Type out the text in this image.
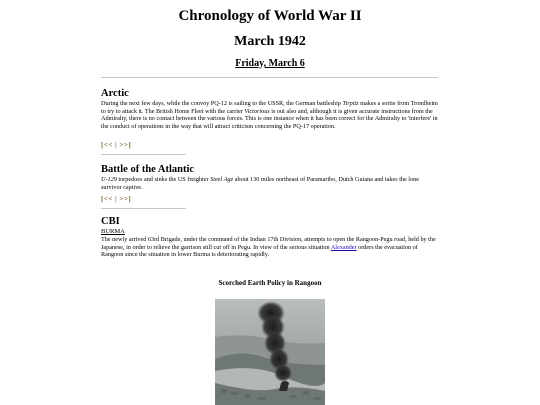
Chronology of World War II
March 1942
Friday, March 6
Arctic

During the next few days, while the convoy PQ-12 is sailing to the USSR, the German battleship Tirpitz makes a sortie from Trondheim to try to attack it. The British Home Fleet with the carrier Victorious is out also and, although it is given accurate instructions from the Admiralty, there is no contact between the various forces. This is one instance when it has been correct for the Admiralty to 'interfere' in the conduct of operations in the way that will attract criticism concerning the PQ-17 operation.

[<< | >>]
Battle of the Atlantic

U-129 torpedoes and sinks the US freighter Steel Age about 130 miles northeast of Paramaribo, Dutch Guiana and takes the lone survivor captive.

[<< | >>]
CBI
BURMA

The newly arrived 63rd Brigade, under the command of the Indian 17th Division, attempts to open the Rangoon-Pegu road, held by the Japanese, in order to relieve the garrison still cut off in Pegu. In view of the serious situation Alexander orders the evacuation of Rangoon since the situation in lower Burma is deteriorating rapidly.

Scorched Earth Policy in Rangoon
